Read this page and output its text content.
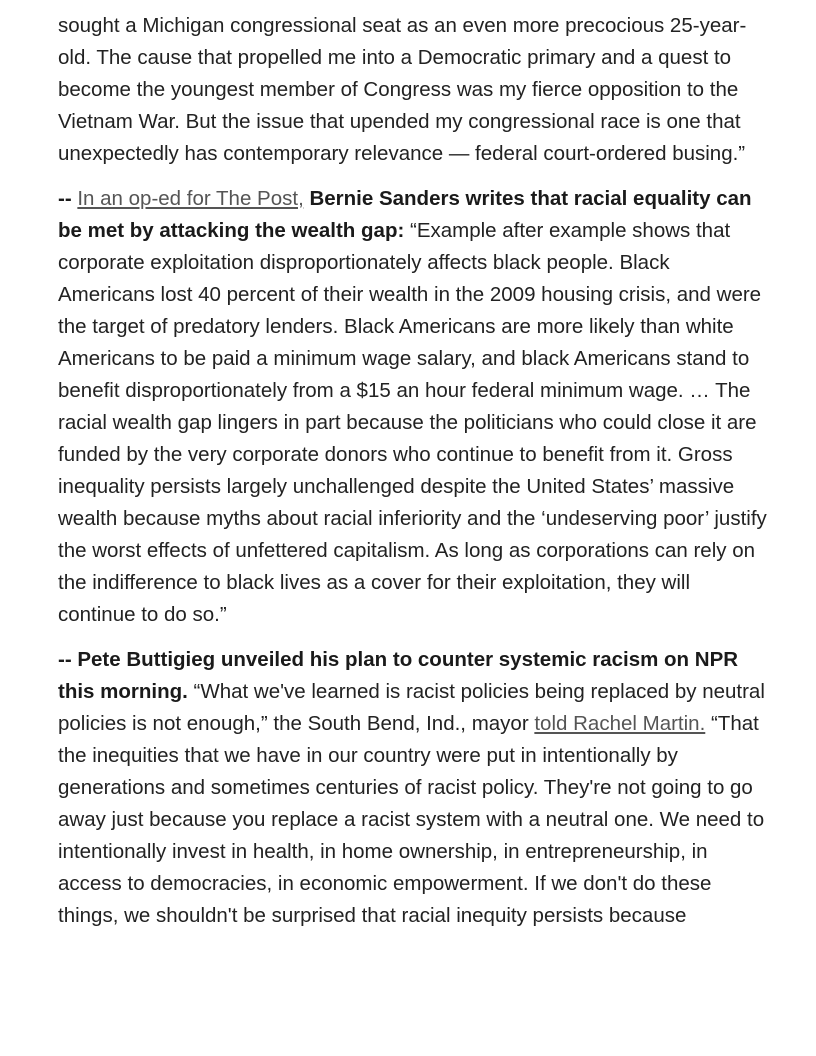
sought a Michigan congressional seat as an even more precocious 25-year-old. The cause that propelled me into a Democratic primary and a quest to become the youngest member of Congress was my fierce opposition to the Vietnam War. But the issue that upended my congressional race is one that unexpectedly has contemporary relevance — federal court-ordered busing.”

-- In an op-ed for The Post, Bernie Sanders writes that racial equality can be met by attacking the wealth gap: “Example after example shows that corporate exploitation disproportionately affects black people. Black Americans lost 40 percent of their wealth in the 2009 housing crisis, and were the target of predatory lenders. Black Americans are more likely than white Americans to be paid a minimum wage salary, and black Americans stand to benefit disproportionately from a $15 an hour federal minimum wage. … The racial wealth gap lingers in part because the politicians who could close it are funded by the very corporate donors who continue to benefit from it. Gross inequality persists largely unchallenged despite the United States’ massive wealth because myths about racial inferiority and the ‘undeserving poor’ justify the worst effects of unfettered capitalism. As long as corporations can rely on the indifference to black lives as a cover for their exploitation, they will continue to do so.”

-- Pete Buttigieg unveiled his plan to counter systemic racism on NPR this morning. “What we've learned is racist policies being replaced by neutral policies is not enough,” the South Bend, Ind., mayor told Rachel Martin. “That the inequities that we have in our country were put in intentionally by generations and sometimes centuries of racist policy. They're not going to go away just because you replace a racist system with a neutral one. We need to intentionally invest in health, in home ownership, in entrepreneurship, in access to democracies, in economic empowerment. If we don't do these things, we shouldn't be surprised that racial inequity persists because
